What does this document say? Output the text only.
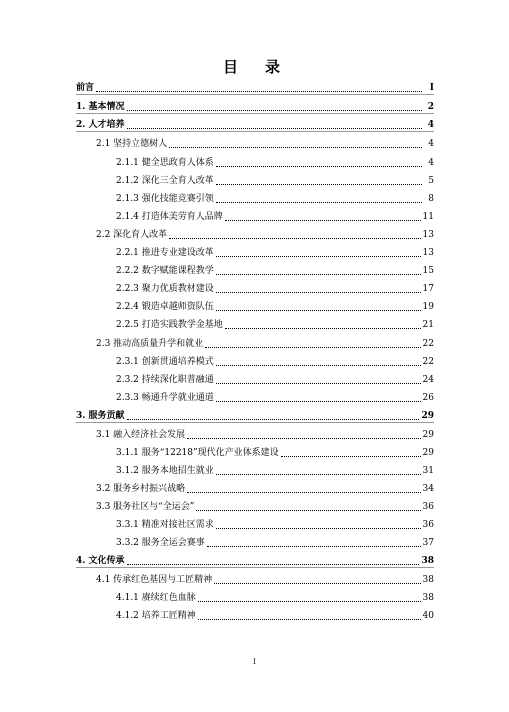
目　录
前言	I
1. 基本情况	2
2. 人才培养	4
2.1 坚持立德树人	4
2.1.1 健全思政育人体系	4
2.1.2 深化三全育人改革	5
2.1.3 强化技能竞赛引领	8
2.1.4 打造体美劳育人品牌	11
2.2 深化育人改革	13
2.2.1 推进专业建设改革	13
2.2.2 数字赋能课程教学	15
2.2.3 聚力优质教材建设	17
2.2.4 锻造卓越师资队伍	19
2.2.5 打造实践教学金基地	21
2.3 推动高质量升学和就业	22
2.3.1 创新贯通培养模式	22
2.3.2 持续深化职普融通	24
2.3.3 畅通升学就业通道	26
3. 服务贡献	29
3.1 融入经济社会发展	29
3.1.1 服务“12218”现代化产业体系建设	29
3.1.2 服务本地招生就业	31
3.2 服务乡村振兴战略	34
3.3 服务社区与“全运会”	36
3.3.1 精准对接社区需求	36
3.3.2 服务全运会赛事	37
4. 文化传承	38
4.1 传承红色基因与工匠精神	38
4.1.1 赓续红色血脉	38
4.1.2 培养工匠精神	40
I
